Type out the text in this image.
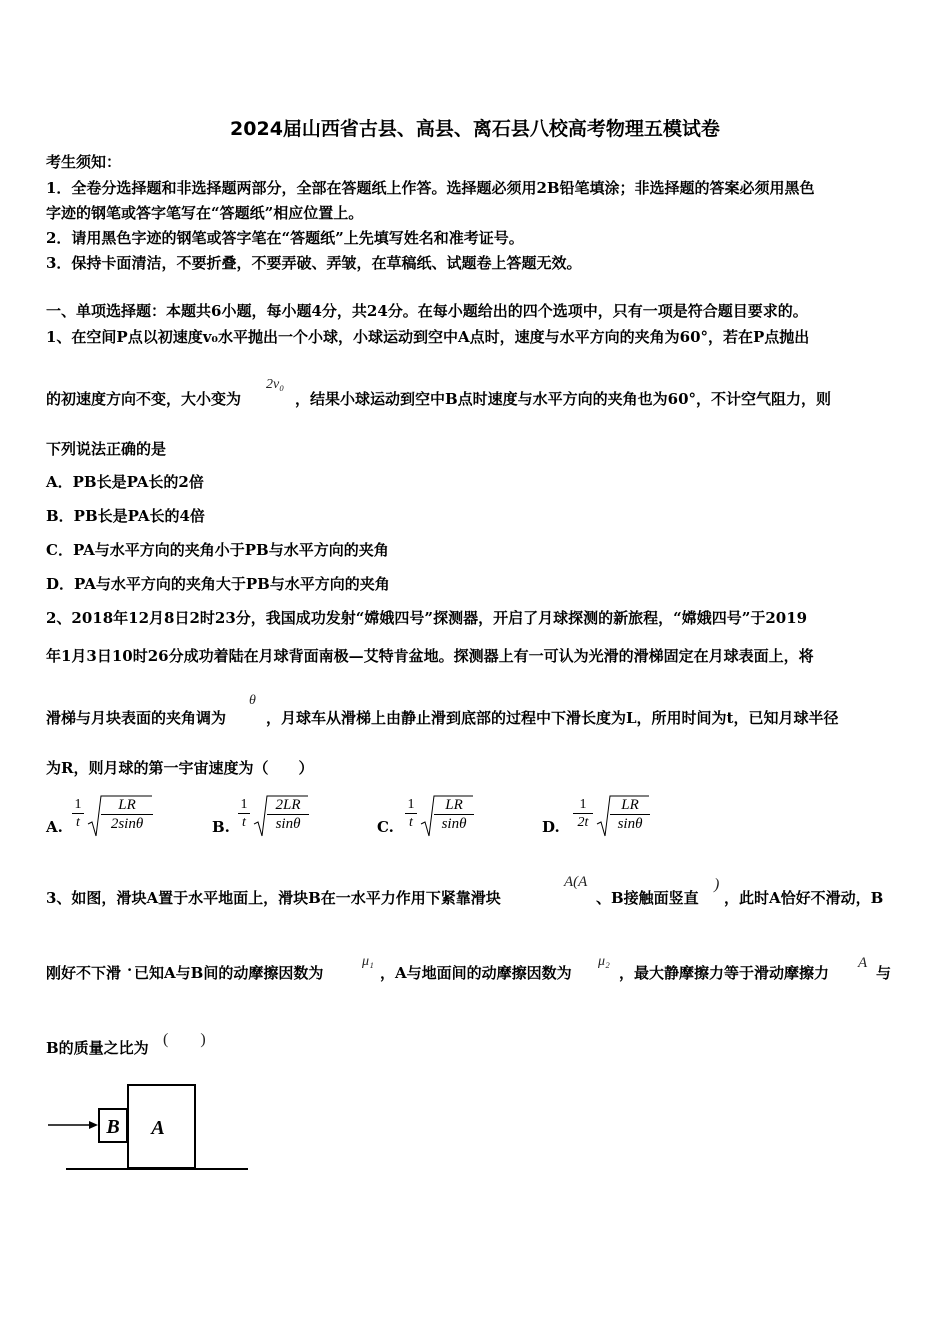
2024届山西省古县、高县、离石县八校高考物理五模试卷
考生须知：
1．全卷分选择题和非选择题两部分，全部在答题纸上作答。选择题必须用2B铅笔填涂；非选择题的答案必须用黑色
字迹的钢笔或答字笔写在“答题纸”相应位置上。
2．请用黑色字迹的钢笔或答字笔在“答题纸”上先填写姓名和准考证号。
3．保持卡面清洁，不要折叠，不要弄破、弄皱，在草稿纸、试题卷上答题无效。
一、单项选择题：本题共6小题，每小题4分，共24分。在每小题给出的四个选项中，只有一项是符合题目要求的。
1、在空间P点以初速度v₀水平抛出一个小球，小球运动到空中A点时，速度与水平方向的夹角为60°，若在P点抛出
的初速度方向不变，大小变为
2v₀
，结果小球运动到空中B点时速度与水平方向的夹角也为60°，不计空气阻力，则
下列说法正确的是
A．PB长是PA长的2倍
B．PB长是PA长的4倍
C．PA与水平方向的夹角小于PB与水平方向的夹角
D．PA与水平方向的夹角大于PB与水平方向的夹角
2、2018年12月8日2时23分，我国成功发射“嫦娥四号”探测器，开启了月球探测的新旅程，“嫦娥四号”于2019
年1月3日10时26分成功着陆在月球背面南极—艾特肯盆地。探测器上有一可认为光滑的滑梯固定在月球表面上，将
滑梯与月块表面的夹角调为
θ
，月球车从滑梯上由静止滑到底部的过程中下滑长度为L，所用时间为t，已知月球半径
为R，则月球的第一宇宙速度为（　　）
A. $\frac{1}{t} \frac{LR}{2\sin\theta}$	B. $\frac{1}{t} \frac{2LR}{\sin\theta}$	C. $\frac{1}{t} \frac{LR}{\sin\theta}$	D. $\frac{1}{2t} \frac{LR}{\sin\theta}$
3、如图，滑块A置于水平地面上，滑块B在一水平力作用下紧靠滑块
A(A
、B接触面竖直
)
，此时A恰好不滑动，B
刚好不下滑 · 已知A与B间的动摩擦因数为
μ₁
，A与地面间的动摩擦因数为
μ₂
，最大静摩擦力等于滑动摩擦力
A
与
B的质量之比为 (　　)
B A
